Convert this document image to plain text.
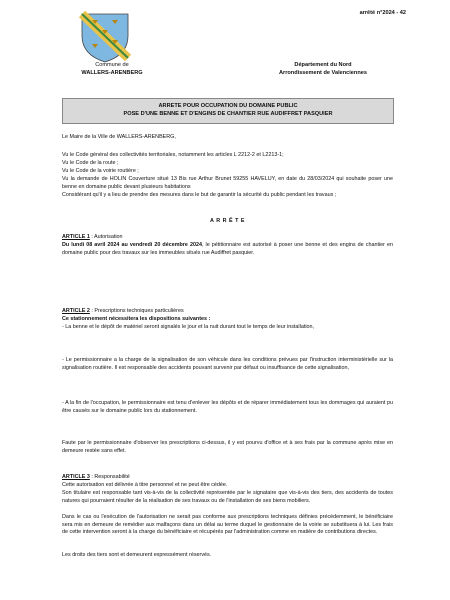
arrêté n°2024 - 42
Commune de
WALLERS-ARENBERG
Département du Nord
Arrondissement de Valenciennes
ARRETE POUR OCCUPATION DU DOMAINE PUBLIC
POSE D'UNE BENNE ET D'ENGINS DE CHANTIER RUE AUDIFFRET PASQUIER
Le Maire de la Ville de WALLERS-ARENBERG,
Vu le Code général des collectivités territoriales, notamment les articles L 2212-2 et L2213-1;
Vu le Code de la route ;
Vu le Code de la voirie routière ;
Vu la demande de HOLIN Couverture situé 13 Bis rue Arthur Brunet 59255 HAVELUY, en date du 28/03/2024 qui souhaite poser une benne en domaine public devant plusieurs habitations
Considérant qu'il y a lieu de prendre des mesures dans le but de garantir la sécurité du public pendant les travaux ;
A R R Ê T E
ARTICLE 1 : Autorisation
Du lundi 08 avril 2024 au vendredi 20 décembre 2024, le pétitionnaire est autorisé à poser une benne et des engins de chantier en domaine public pour des travaux sur les immeubles situés rue Audiffret pasquier.
ARTICLE 2 : Prescriptions techniques particulières
Ce stationnement nécessitera les dispositions suivantes :
- La benne et le dépôt de matériel seront signalés le jour et la nuit durant tout le temps de leur installation,
- Le permissionnaire a la charge de la signalisation de son véhicule dans les conditions prévues par l'instruction interministérielle sur la signalisation routière. Il est responsable des accidents pouvant survenir par défaut ou insuffisance de cette signalisation,
- A la fin de l'occupation, le permissionnaire est tenu d'enlever les dépôts et de réparer immédiatement tous les dommages qui auraient pu être causés sur le domaine public lors du stationnement.
Faute par le permissionnaire d'observer les prescriptions ci-dessus, il y est pourvu d'office et à ses frais par la commune après mise en demeure restée sans effet.
ARTICLE 3 : Responsabilité
Cette autorisation est délivrée à titre personnel et ne peut être cédée.
Son titulaire est responsable tant vis-à-vis de la collectivité représentée par le signataire que vis-à-vis des tiers, des accidents de toutes natures qui pourraient résulter de la réalisation de ses travaux ou de l'installation de ses biens mobiliers.
Dans le cas ou l'exécution de l'autorisation ne serait pas conforme aux prescriptions techniques définies précédemment, le bénéficiaire sera mis en demeure de remédier aux malfaçons dans un délai au terme duquel le gestionnaire de la voirie se substituera à lui. Les frais de cette intervention seront à la charge du bénéficiaire et récupérés par l'administration comme en matière de contributions directes.
Les droits des tiers sont et demeurent expressément réservés.
